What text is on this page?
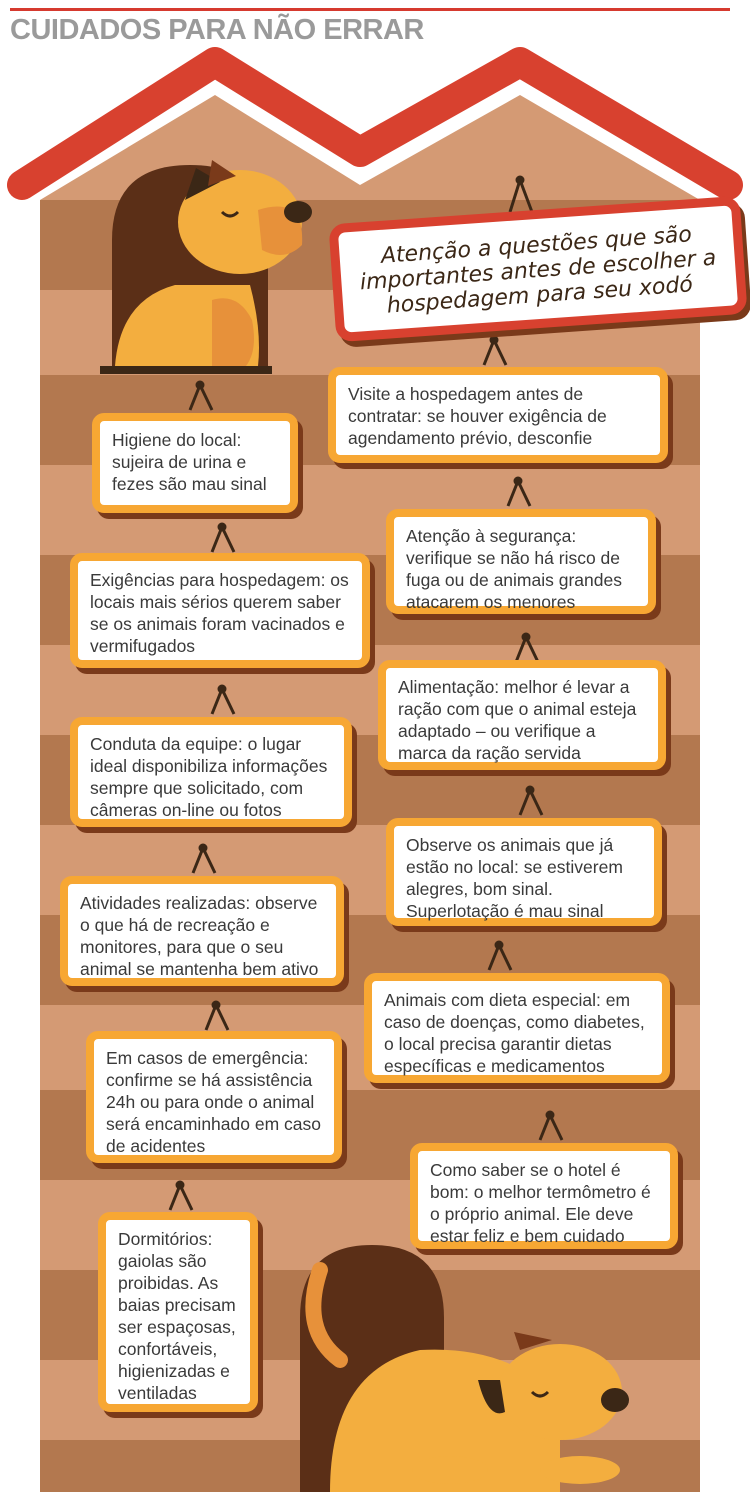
CUIDADOS PARA NÃO ERRAR
Atenção a questões que são importantes antes de escolher a hospedagem para seu xodó
Visite a hospedagem antes de contratar: se houver exigência de agendamento prévio, desconfie
Higiene do local: sujeira de urina e fezes são mau sinal
Atenção à segurança: verifique se não há risco de fuga ou de animais grandes atacarem os menores
Exigências para hospedagem: os locais mais sérios querem saber se os animais foram vacinados e vermifugados
Alimentação: melhor é levar a ração com que o animal esteja adaptado – ou verifique a marca da ração servida
Conduta da equipe: o lugar ideal disponibiliza informações sempre que solicitado, com câmeras on-line ou fotos
Observe os animais que já estão no local: se estiverem alegres, bom sinal. Superlotação é mau sinal
Atividades realizadas: observe o que há de recreação e monitores, para que o seu animal se mantenha bem ativo
Animais com dieta especial: em caso de doenças, como diabetes, o local precisa garantir dietas específicas e medicamentos
Em casos de emergência: confirme se há assistência 24h ou para onde o animal será encaminhado em caso de acidentes
Como saber se o hotel é bom: o melhor termômetro é o próprio animal. Ele deve estar feliz e bem cuidado
Dormitórios: gaiolas são proibidas. As baias precisam ser espaçosas, confortáveis, higienizadas e ventiladas
